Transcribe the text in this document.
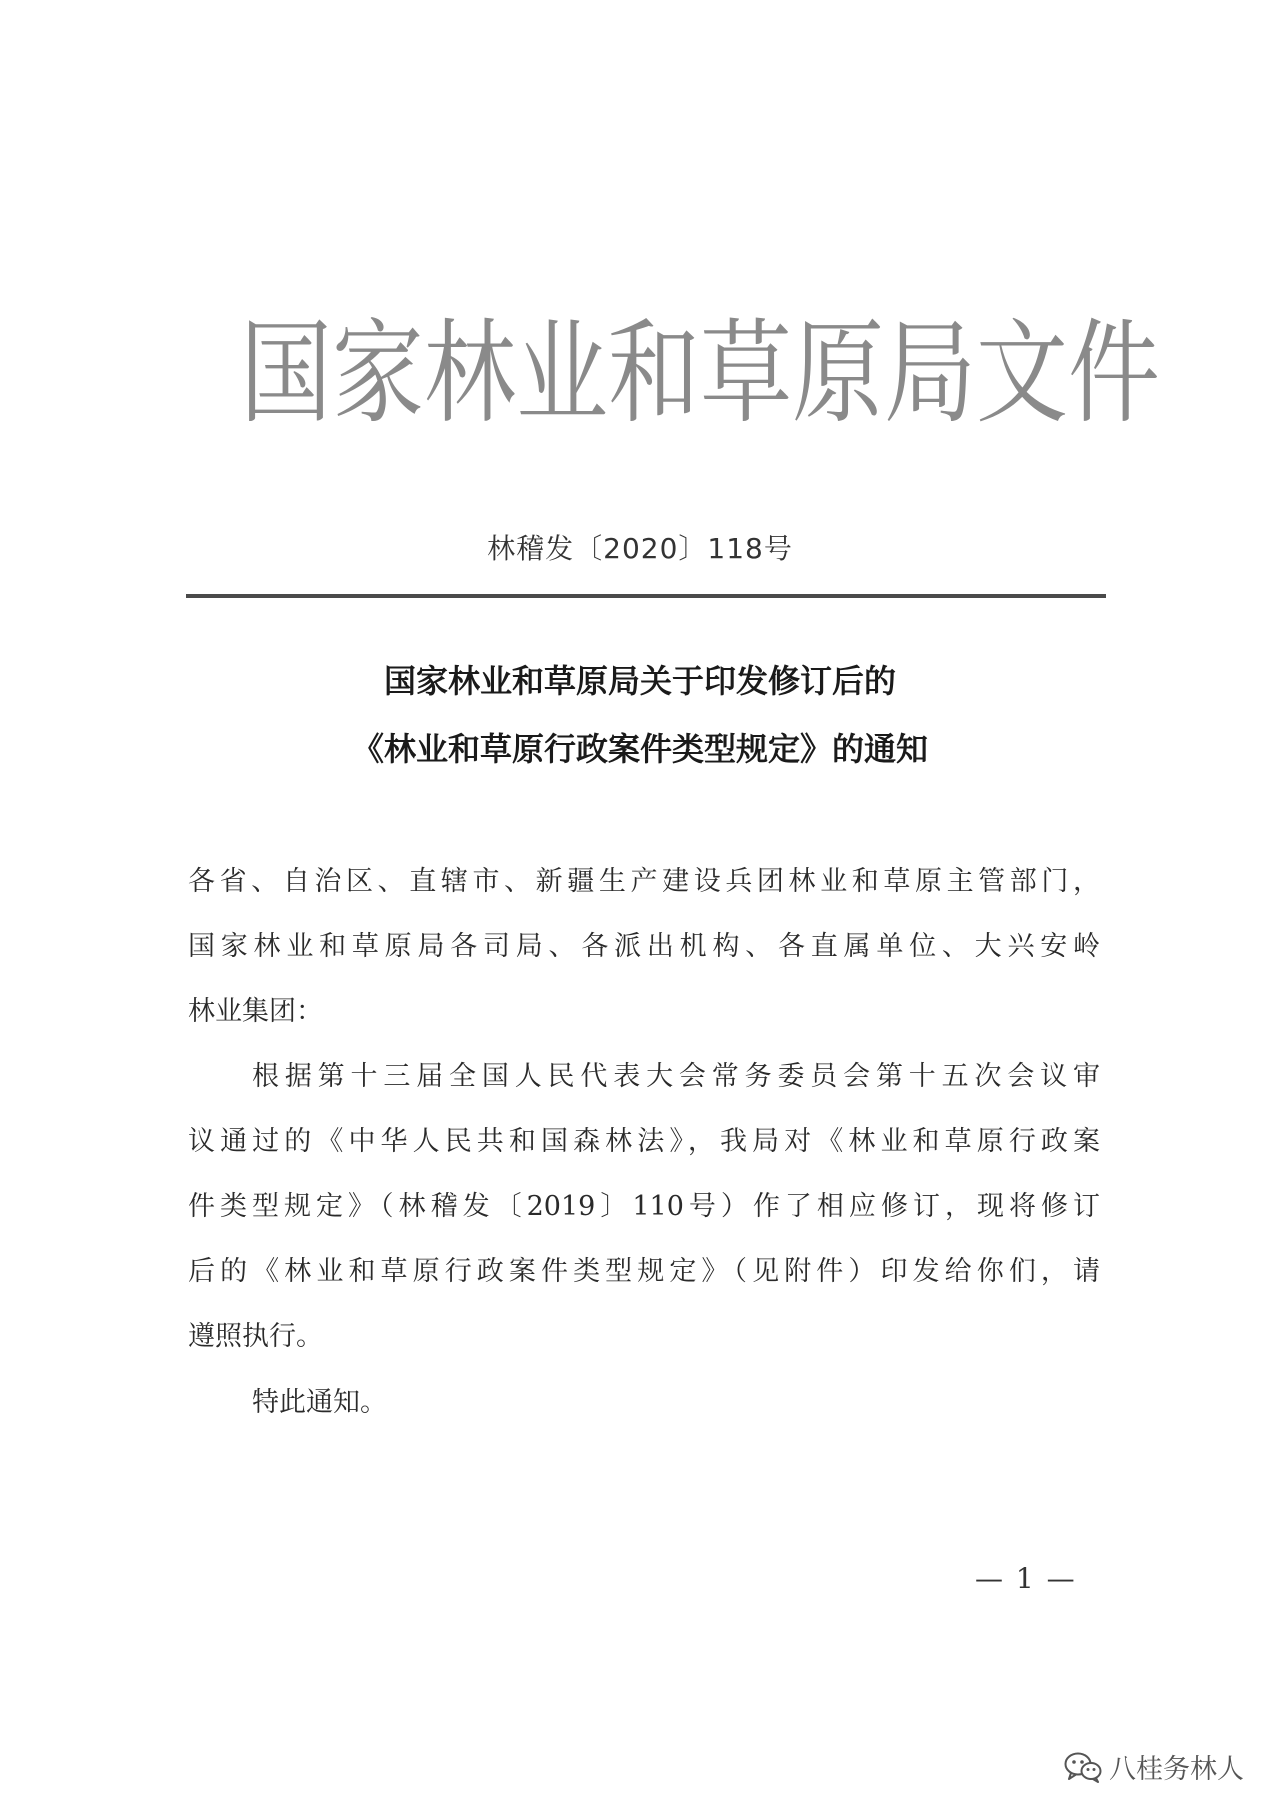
国家林业和草原局文件
林稽发〔2020〕118号
国家林业和草原局关于印发修订后的
《林业和草原行政案件类型规定》的通知
各省、自治区、直辖市、新疆生产建设兵团林业和草原主管部门，
国家林业和草原局各司局、各派出机构、各直属单位、大兴安岭
林业集团：
根据第十三届全国人民代表大会常务委员会第十五次会议审
议通过的《中华人民共和国森林法》，我局对《林业和草原行政案
件类型规定》（林稽发〔2019〕110号）作了相应修订，现将修订
后的《林业和草原行政案件类型规定》（见附件）印发给你们，请
遵照执行。
特此通知。
— 1 —
八桂务林人
